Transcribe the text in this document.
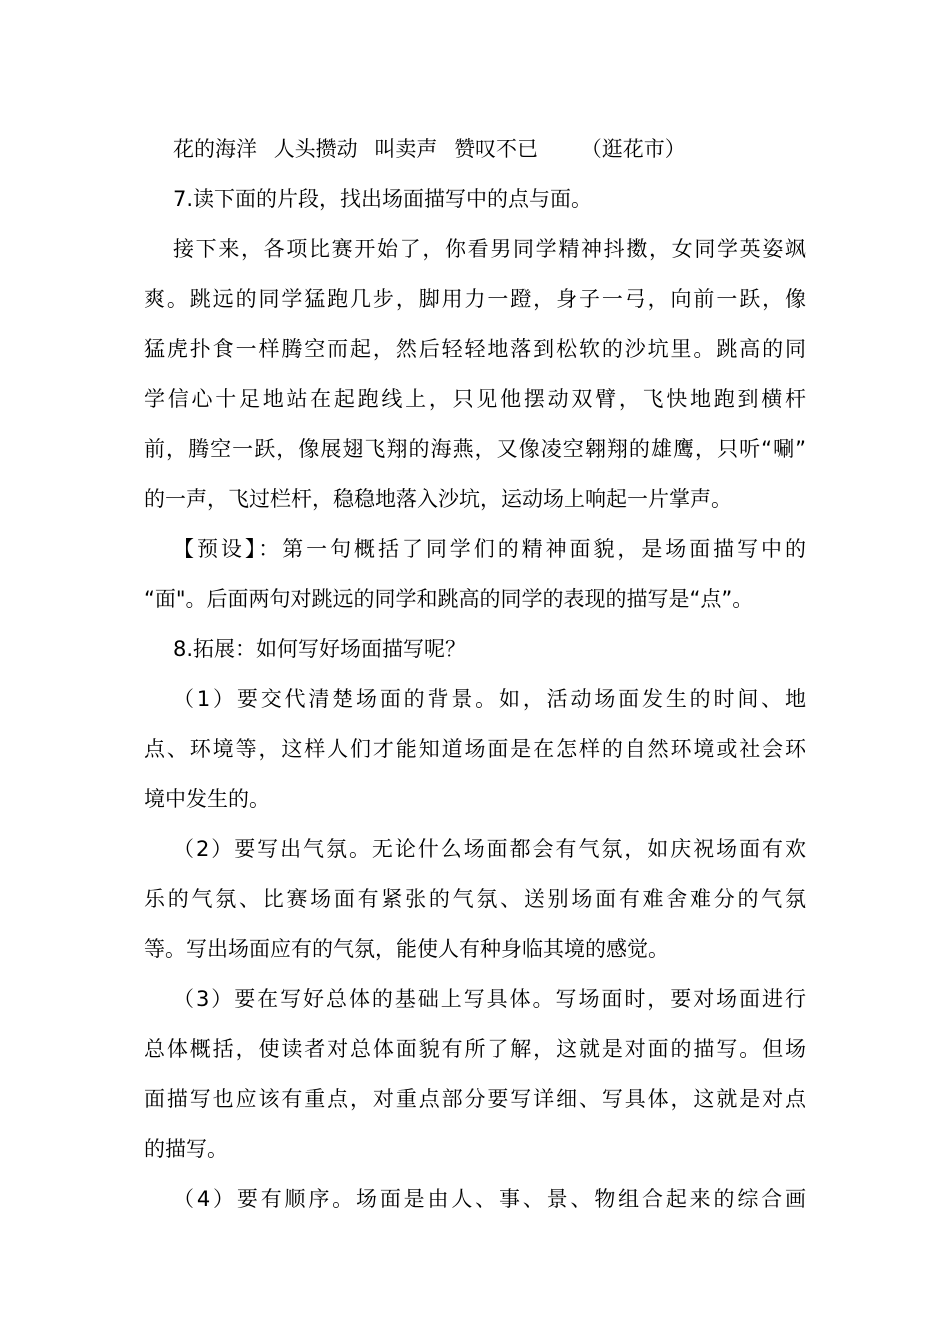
花的海洋 人头攒动 叫卖声 赞叹不已 （逛花市）
7.读下面的片段，找出场面描写中的点与面。
接下来，各项比赛开始了，你看男同学精神抖擞，女同学英姿飒
爽。跳远的同学猛跑几步，脚用力一蹬，身子一弓，向前一跃，像
猛虎扑食一样腾空而起，然后轻轻地落到松软的沙坑里。跳高的同
学信心十足地站在起跑线上，只见他摆动双臂，飞快地跑到横杆
前，腾空一跃，像展翅飞翔的海燕，又像凌空翱翔的雄鹰，只听“唰”
的一声，飞过栏杆，稳稳地落入沙坑，运动场上响起一片掌声。
【预设】：第一句概括了同学们的精神面貌，是场面描写中的
“面"。后面两句对跳远的同学和跳高的同学的表现的描写是“点”。
8.拓展：如何写好场面描写呢？
（1）要交代清楚场面的背景。如，活动场面发生的时间、地
点、环境等，这样人们才能知道场面是在怎样的自然环境或社会环
境中发生的。
（2）要写出气氛。无论什么场面都会有气氛，如庆祝场面有欢
乐的气氛、比赛场面有紧张的气氛、送别场面有难舍难分的气氛
等。写出场面应有的气氛，能使人有种身临其境的感觉。
（3）要在写好总体的基础上写具体。写场面时，要对场面进行
总体概括，使读者对总体面貌有所了解，这就是对面的描写。但场
面描写也应该有重点，对重点部分要写详细、写具体，这就是对点
的描写。
（4）要有顺序。场面是由人、事、景、物组合起来的综合画
